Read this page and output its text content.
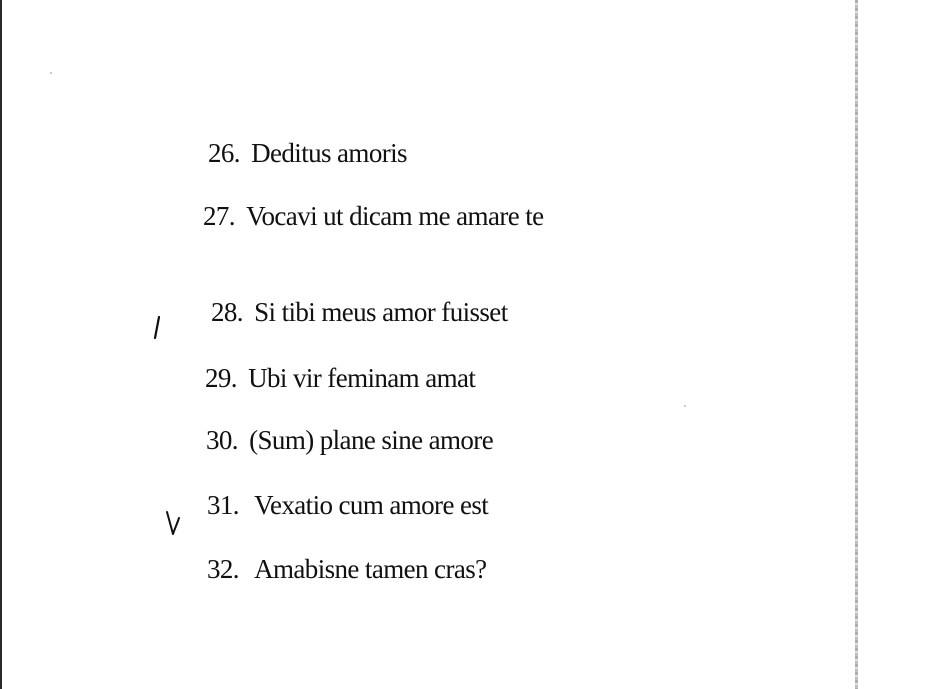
26. Deditus amoris
27. Vocavi ut dicam me amare te
28. Si tibi meus amor fuisset
29. Ubi vir feminam amat
30. (Sum) plane sine amore
31. Vexatio cum amore est
32. Amabisne tamen cras?
